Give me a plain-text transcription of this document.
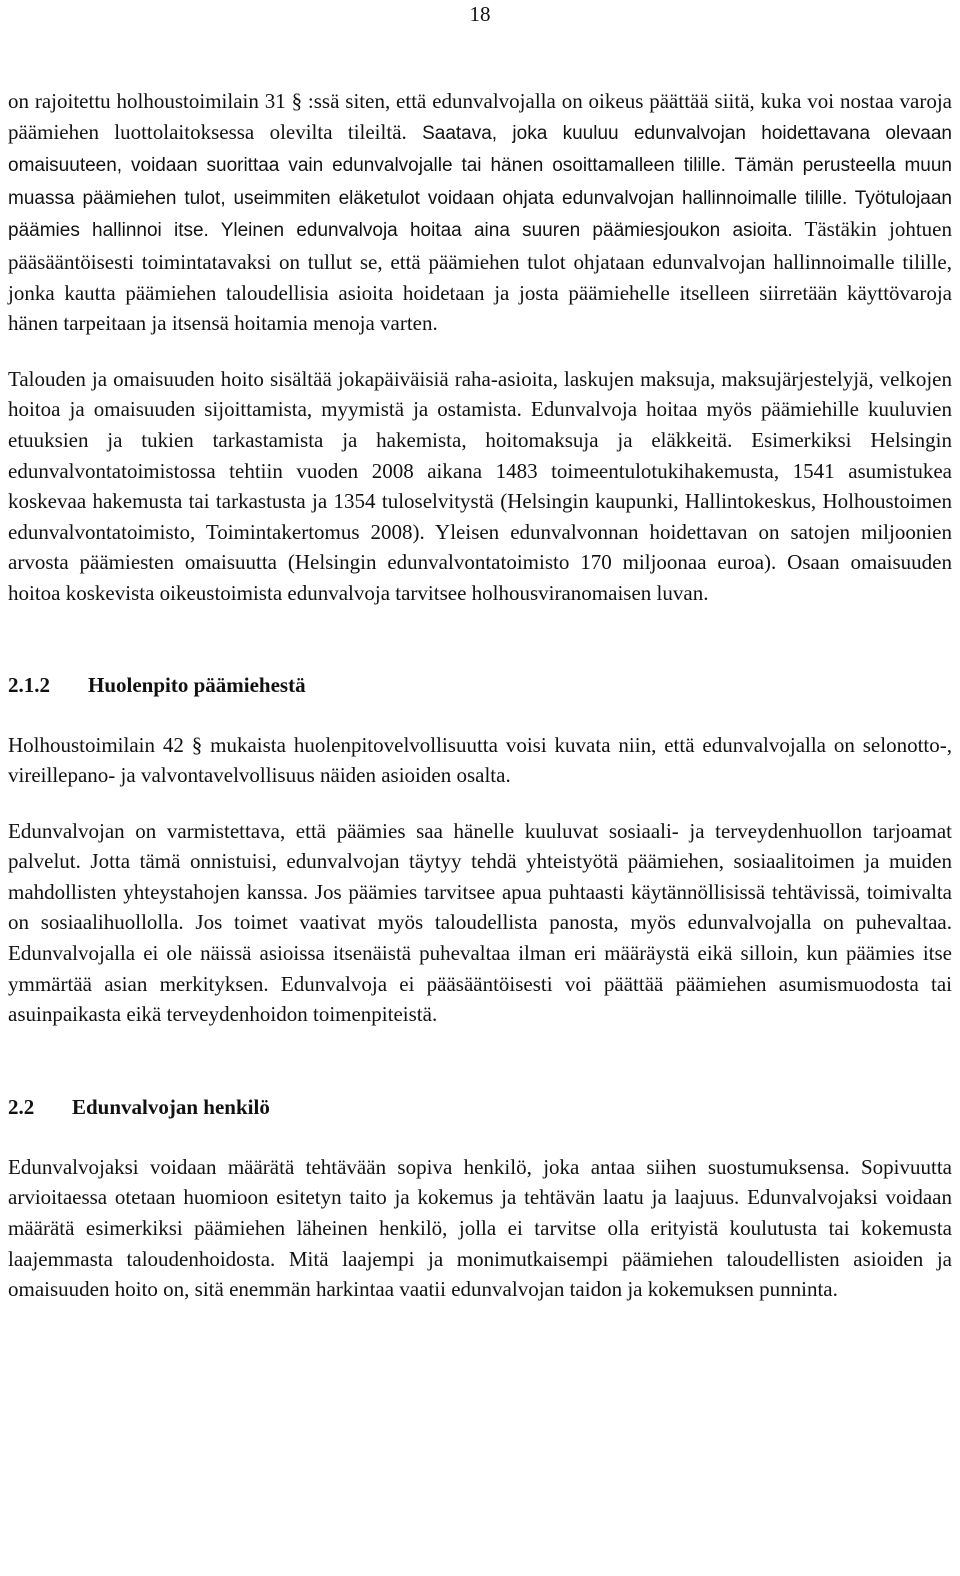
18

on rajoitettu holhoustoimilain 31 § :ssä siten, että edunvalvojalla on oikeus päättää siitä, kuka voi nostaa varoja päämiehen luottolaitoksessa olevilta tileiltä. Saatava, joka kuuluu edunvalvojan hoidettavana olevaan omaisuuteen, voidaan suorittaa vain edunvalvojalle tai hänen osoittamalleen tilille. Tämän perusteella muun muassa päämiehen tulot, useimmiten eläketulot voidaan ohjata edunvalvojan hallinnoimalle tilille. Työtulojaan päämies hallinnoi itse. Yleinen edunvalvoja hoitaa aina suuren päämiesjoukon asioita. Tästäkin johtuen pääsääntöisesti toimintatavaksi on tullut se, että päämiehen tulot ohjataan edunvalvojan hallinnoimalle tilille, jonka kautta päämiehen taloudellisia asioita hoidetaan ja josta päämiehelle itselleen siirretään käyttövaroja hänen tarpeitaan ja itsensä hoitamia menoja varten.

Talouden ja omaisuuden hoito sisältää jokapäiväisiä raha-asioita, laskujen maksuja, maksujärjestelyjä, velkojen hoitoa ja omaisuuden sijoittamista, myymistä ja ostamista. Edunvalvoja hoitaa myös päämiehille kuuluvien etuuksien ja tukien tarkastamista ja hakemista, hoitomaksuja ja eläkkeitä. Esimerkiksi Helsingin edunvalvontatoimistossa tehtiin vuoden 2008 aikana 1483 toimeentulotukihakemusta, 1541 asumistukea koskevaa hakemusta tai tarkastusta ja 1354 tuloselvitystä (Helsingin kaupunki, Hallintokeskus, Holhoustoimen edunvalvontatoimisto, Toimintakertomus 2008). Yleisen edunvalvonnan hoidettavan on satojen miljoonien arvosta päämiesten omaisuutta (Helsingin edunvalvontatoimisto 170 miljoonaa euroa). Osaan omaisuuden hoitoa koskevista oikeustoimista edunvalvoja tarvitsee holhousviranomaisen luvan.

2.1.2	Huolenpito päämiehestä

Holhoustoimilain 42 § mukaista huolenpitovelvollisuutta voisi kuvata niin, että edunvalvojalla on selonotto-, vireillepano- ja valvontavelvollisuus näiden asioiden osalta.

Edunvalvojan on varmistettava, että päämies saa hänelle kuuluvat sosiaali- ja terveydenhuollon tarjoamat palvelut. Jotta tämä onnistuisi, edunvalvojan täytyy tehdä yhteistyötä päämiehen, sosiaalitoimen ja muiden mahdollisten yhteystahojen kanssa. Jos päämies tarvitsee apua puhtaasti käytännöllisissä tehtävissä, toimivalta on sosiaalihuollolla. Jos toimet vaativat myös taloudellista panosta, myös edunvalvojalla on puhevaltaa. Edunvalvojalla ei ole näissä asioissa itsenäistä puhevaltaa ilman eri määräystä eikä silloin, kun päämies itse ymmärtää asian merkityksen. Edunvalvoja ei pääsääntöisesti voi päättää päämiehen asumismuodosta tai asuinpaikasta eikä terveydenhoidon toimenpiteistä.

2.2	Edunvalvojan henkilö

Edunvalvojaksi voidaan määrätä tehtävään sopiva henkilö, joka antaa siihen suostumuksensa. Sopivuutta arvioitaessa otetaan huomioon esitetyn taito ja kokemus ja tehtävän laatu ja laajuus. Edunvalvojaksi voidaan määrätä esimerkiksi päämiehen läheinen henkilö, jolla ei tarvitse olla erityistä koulutusta tai kokemusta laajemmasta taloudenhoidosta. Mitä laajempi ja monimutkaisempi päämiehen taloudellisten asioiden ja omaisuuden hoito on, sitä enemmän harkintaa vaatii edunvalvojan taidon ja kokemuksen punninta.
